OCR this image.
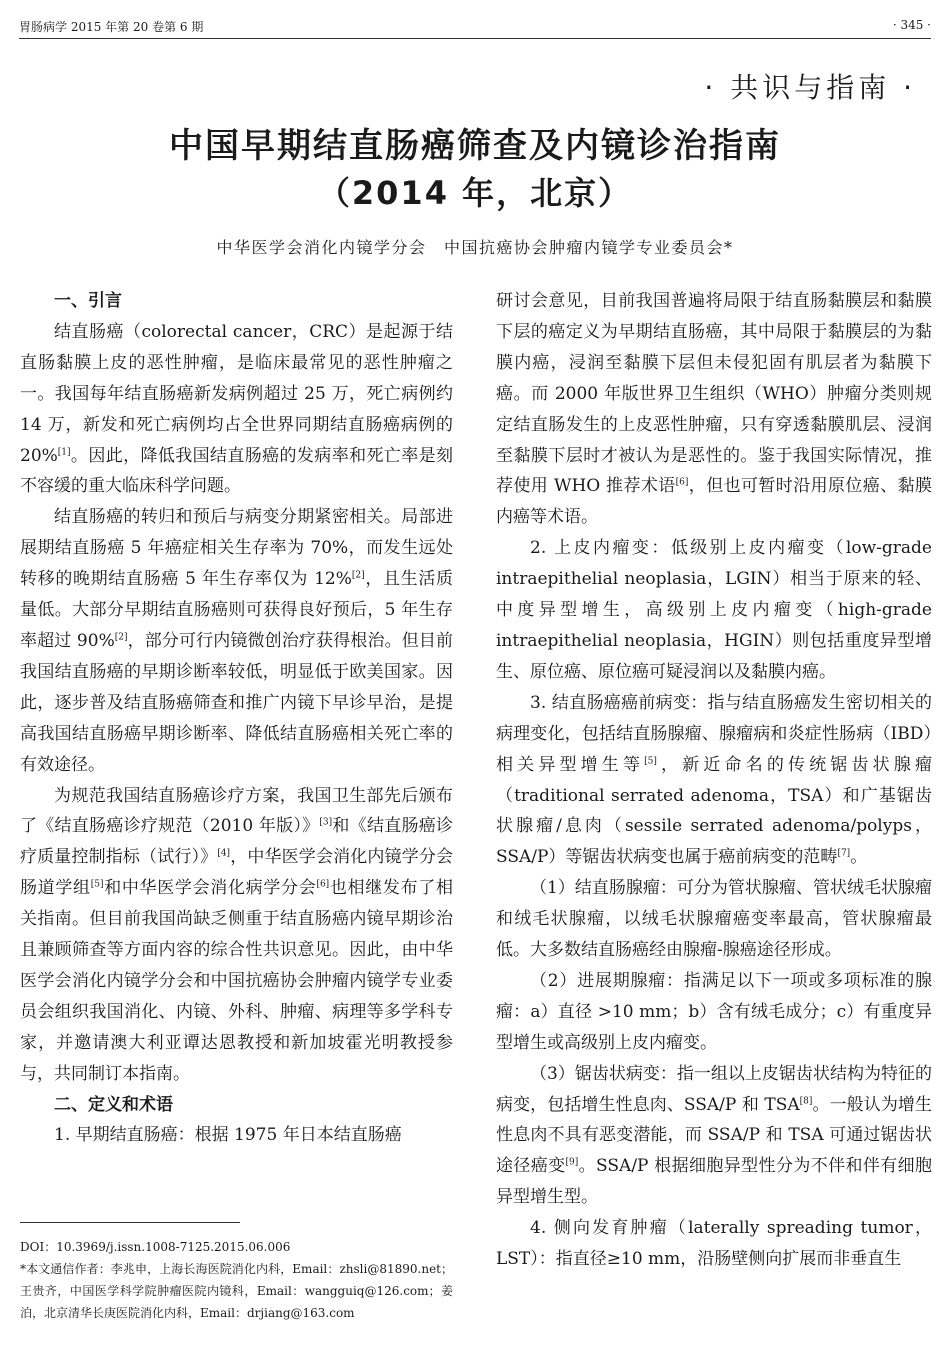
胃肠病学 2015 年第 20 卷第 6 期	· 345 ·
· 共识与指南 ·
中国早期结直肠癌筛查及内镜诊治指南
（2014 年，北京）
中华医学会消化内镜学分会　中国抗癌协会肿瘤内镜学专业委员会*
一、引言

结直肠癌（colorectal cancer，CRC）是起源于结直肠黏膜上皮的恶性肿瘤，是临床最常见的恶性肿瘤之一。我国每年结直肠癌新发病例超过 25 万，死亡病例约 14 万，新发和死亡病例均占全世界同期结直肠癌病例的 20%[1]。因此，降低我国结直肠癌的发病率和死亡率是刻不容缓的重大临床科学问题。

结直肠癌的转归和预后与病变分期紧密相关。局部进展期结直肠癌 5 年癌症相关生存率为 70%，而发生远处转移的晚期结直肠癌 5 年生存率仅为 12%[2]，且生活质量低。大部分早期结直肠癌则可获得良好预后，5 年生存率超过 90%[2]，部分可行内镜微创治疗获得根治。但目前我国结直肠癌的早期诊断率较低，明显低于欧美国家。因此，逐步普及结直肠癌筛查和推广内镜下早诊早治，是提高我国结直肠癌早期诊断率、降低结直肠癌相关死亡率的有效途径。

为规范我国结直肠癌诊疗方案，我国卫生部先后颁布了《结直肠癌诊疗规范（2010 年版）》[3]和《结直肠癌诊疗质量控制指标（试行）》[4]，中华医学会消化内镜学分会肠道学组[5]和中华医学会消化病学分会[6]也相继发布了相关指南。但目前我国尚缺乏侧重于结直肠癌内镜早期诊治且兼顾筛查等方面内容的综合性共识意见。因此，由中华医学会消化内镜学分会和中国抗癌协会肿瘤内镜学专业委员会组织我国消化、内镜、外科、肿瘤、病理等多学科专家，并邀请澳大利亚谭达恩教授和新加坡霍光明教授参与，共同制订本指南。

二、定义和术语

1. 早期结直肠癌：根据 1975 年日本结直肠癌

研讨会意见，目前我国普遍将局限于结直肠黏膜层和黏膜下层的癌定义为早期结直肠癌，其中局限于黏膜层的为黏膜内癌，浸润至黏膜下层但未侵犯固有肌层者为黏膜下癌。而 2000 年版世界卫生组织（WHO）肿瘤分类则规定结直肠发生的上皮恶性肿瘤，只有穿透黏膜肌层、浸润至黏膜下层时才被认为是恶性的。鉴于我国实际情况，推荐使用 WHO 推荐术语[6]，但也可暂时沿用原位癌、黏膜内癌等术语。

2. 上皮内瘤变：低级别上皮内瘤变（low-grade intraepithelial neoplasia，LGIN）相当于原来的轻、中度异型增生，高级别上皮内瘤变（high-grade intraepithelial neoplasia，HGIN）则包括重度异型增生、原位癌、原位癌可疑浸润以及黏膜内癌。

3. 结直肠癌癌前病变：指与结直肠癌发生密切相关的病理变化，包括结直肠腺瘤、腺瘤病和炎症性肠病（IBD）相关异型增生等[5]，新近命名的传统锯齿状腺瘤（traditional serrated adenoma，TSA）和广基锯齿状腺瘤/息肉（sessile serrated adenoma/polyps，SSA/P）等锯齿状病变也属于癌前病变的范畴[7]。

（1）结直肠腺瘤：可分为管状腺瘤、管状绒毛状腺瘤和绒毛状腺瘤，以绒毛状腺瘤癌变率最高，管状腺瘤最低。大多数结直肠癌经由腺瘤-腺癌途径形成。

（2）进展期腺瘤：指满足以下一项或多项标准的腺瘤：a）直径 >10 mm；b）含有绒毛成分；c）有重度异型增生或高级别上皮内瘤变。

（3）锯齿状病变：指一组以上皮锯齿状结构为特征的病变，包括增生性息肉、SSA/P 和 TSA[8]。一般认为增生性息肉不具有恶变潜能，而 SSA/P 和 TSA 可通过锯齿状途径癌变[9]。SSA/P 根据细胞异型性分为不伴和伴有细胞异型增生型。

4. 侧向发育肿瘤（laterally spreading tumor，LST）：指直径≥10 mm，沿肠壁侧向扩展而非垂直生

DOI：10.3969/j.issn.1008-7125.2015.06.006

*本文通信作者：李兆申，上海长海医院消化内科，Email：zhsli@81890.net；王贵齐，中国医学科学院肿瘤医院内镜科，Email：wangguiq@126.com；姜泊，北京清华长庚医院消化内科，Email：drjiang@163.com
